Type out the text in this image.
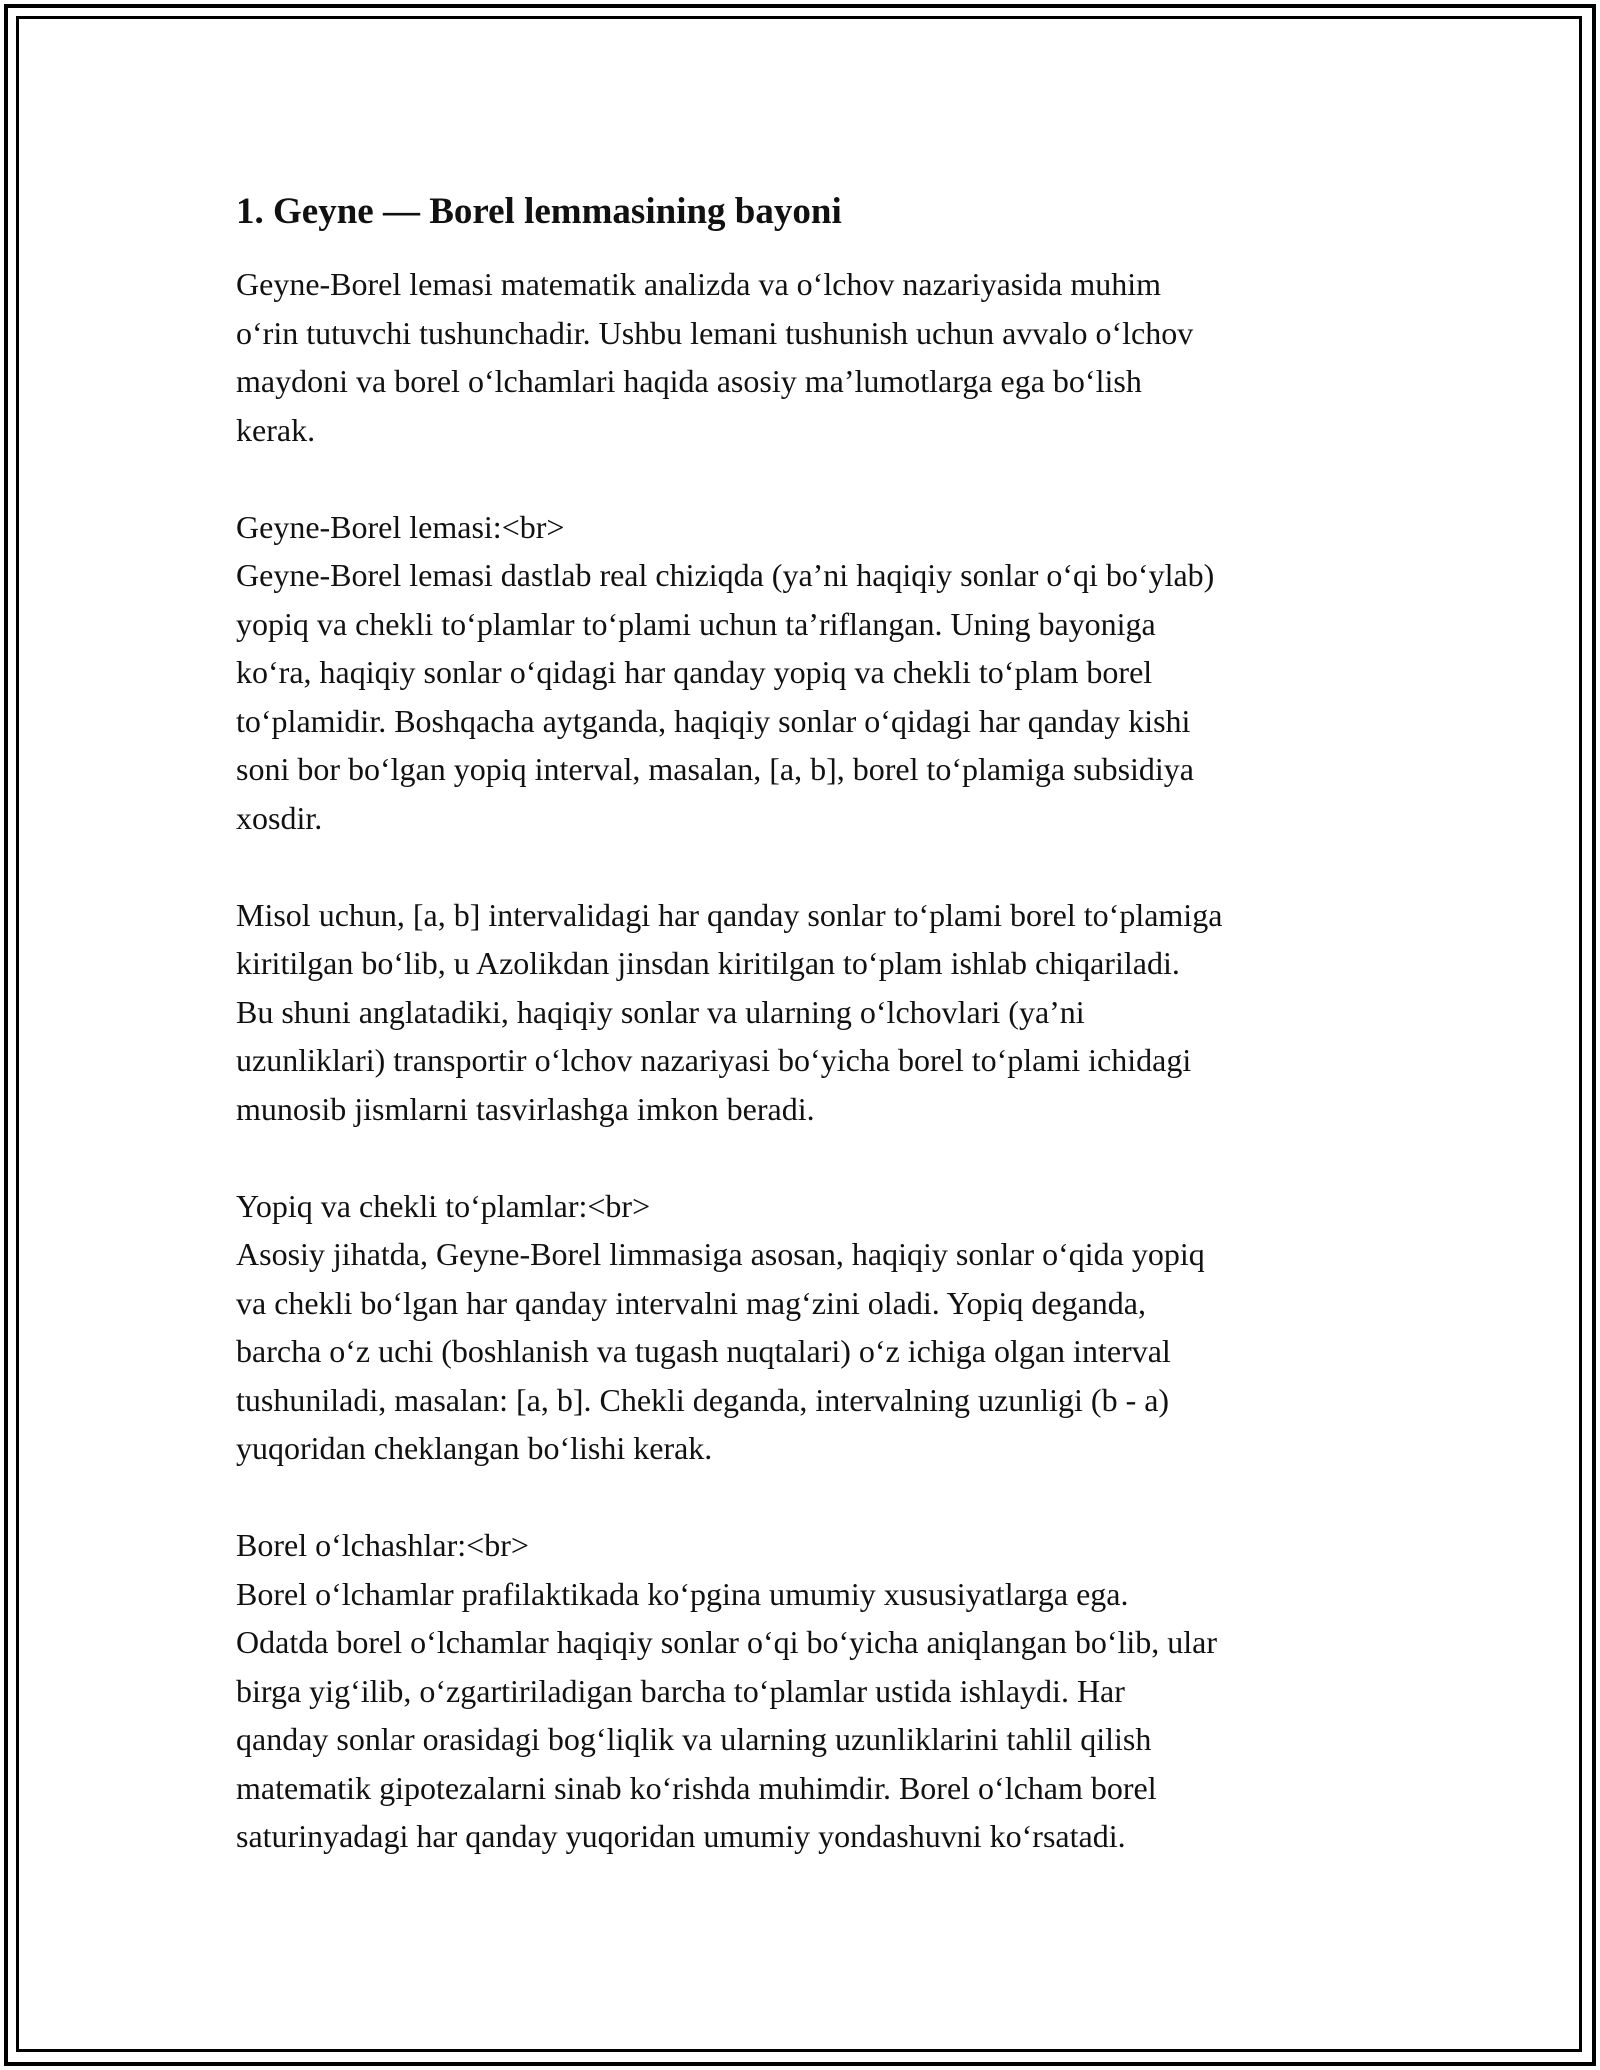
1. Geyne — Borel lemmasining bayoni

Geyne-Borel lemasi matematik analizda va o‘lchov nazariyasida muhim
o‘rin tutuvchi tushunchadir. Ushbu lemani tushunish uchun avvalo o‘lchov
maydoni va borel o‘lchamlari haqida asosiy ma’lumotlarga ega bo‘lish
kerak.

Geyne-Borel lemasi:<br>
Geyne-Borel lemasi dastlab real chiziqda (ya’ni haqiqiy sonlar o‘qi bo‘ylab)
yopiq va chekli to‘plamlar to‘plami uchun ta’riflangan. Uning bayoniga
ko‘ra, haqiqiy sonlar o‘qidagi har qanday yopiq va chekli to‘plam borel
to‘plamidir. Boshqacha aytganda, haqiqiy sonlar o‘qidagi har qanday kishi
soni bor bo‘lgan yopiq interval, masalan, [a, b], borel to‘plamiga subsidiya
xosdir.

Misol uchun, [a, b] intervalidagi har qanday sonlar to‘plami borel to‘plamiga
kiritilgan bo‘lib, u Azolikdan jinsdan kiritilgan to‘plam ishlab chiqariladi.
Bu shuni anglatadiki, haqiqiy sonlar va ularning o‘lchovlari (ya’ni
uzunliklari) transportir o‘lchov nazariyasi bo‘yicha borel to‘plami ichidagi
munosib jismlarni tasvirlashga imkon beradi.

Yopiq va chekli to‘plamlar:<br>
Asosiy jihatda, Geyne-Borel limmasiga asosan, haqiqiy sonlar o‘qida yopiq
va chekli bo‘lgan har qanday intervalni mag‘zini oladi. Yopiq deganda,
barcha o‘z uchi (boshlanish va tugash nuqtalari) o‘z ichiga olgan interval
tushuniladi, masalan: [a, b]. Chekli deganda, intervalning uzunligi (b - a)
yuqoridan cheklangan bo‘lishi kerak.

Borel o‘lchashlar:<br>
Borel o‘lchamlar prafilaktikada ko‘pgina umumiy xususiyatlarga ega.
Odatda borel o‘lchamlar haqiqiy sonlar o‘qi bo‘yicha aniqlangan bo‘lib, ular
birga yig‘ilib, o‘zgartiriladigan barcha to‘plamlar ustida ishlaydi. Har
qanday sonlar orasidagi bog‘liqlik va ularning uzunliklarini tahlil qilish
matematik gipotezalarni sinab ko‘rishda muhimdir. Borel o‘lcham borel
saturinyadagi har qanday yuqoridan umumiy yondashuvni ko‘rsatadi.
